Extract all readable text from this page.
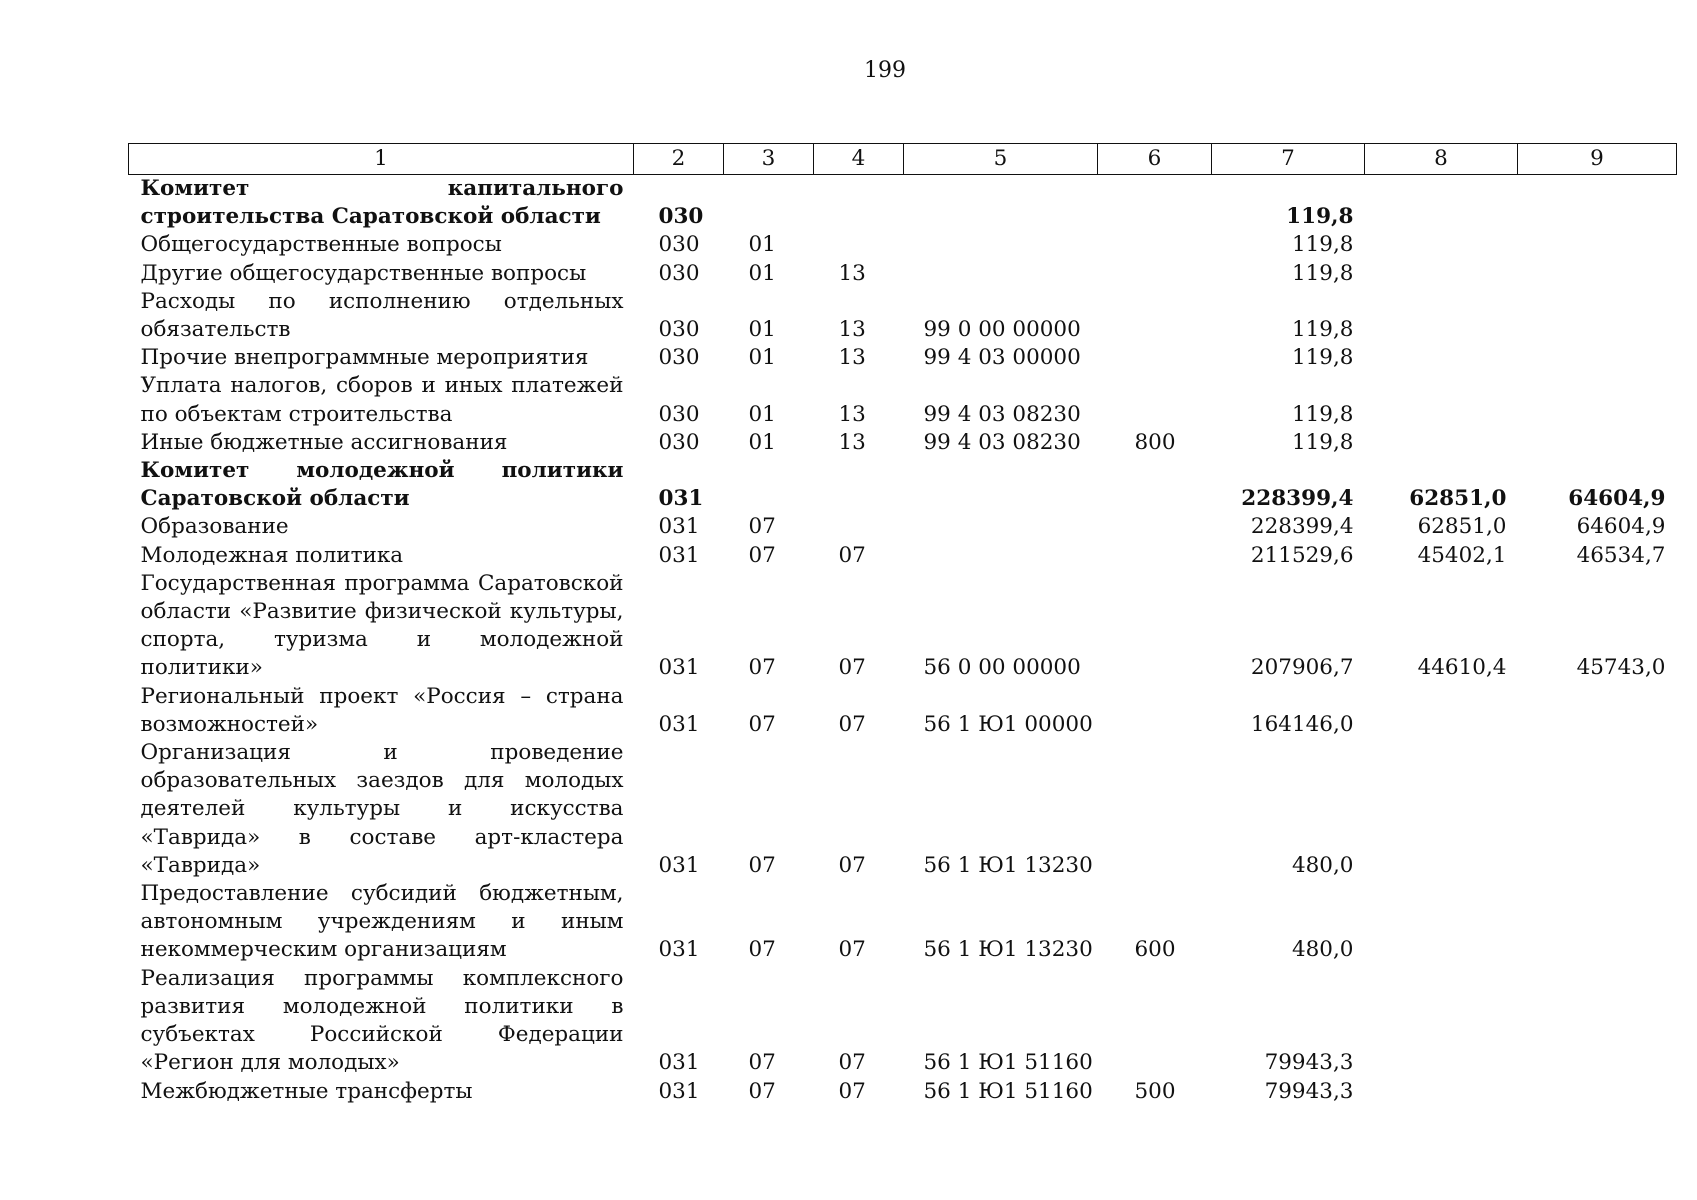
199
1	2	3	4	5	6	7	8	9
Комитет капитального строительства Саратовской области	030					119,8		
Общегосударственные вопросы	030	01				119,8		
Другие общегосударственные вопросы	030	01	13			119,8		
Расходы по исполнению отдельных обязательств	030	01	13	99 0 00 00000		119,8		
Прочие внепрограммные мероприятия	030	01	13	99 4 03 00000		119,8		
Уплата налогов, сборов и иных платежей по объектам строительства	030	01	13	99 4 03 08230		119,8		
Иные бюджетные ассигнования	030	01	13	99 4 03 08230	800	119,8		
Комитет молодежной политики Саратовской области	031					228399,4	62851,0	64604,9
Образование	031	07				228399,4	62851,0	64604,9
Молодежная политика	031	07	07			211529,6	45402,1	46534,7
Государственная программа Саратовской области «Развитие физической культуры, спорта, туризма и молодежной политики»	031	07	07	56 0 00 00000		207906,7	44610,4	45743,0
Региональный проект «Россия – страна возможностей»	031	07	07	56 1 Ю1 00000		164146,0		
Организация и проведение образовательных заездов для молодых деятелей культуры и искусства «Таврида» в составе арт-кластера «Таврида»	031	07	07	56 1 Ю1 13230		480,0		
Предоставление субсидий бюджетным, автономным учреждениям и иным некоммерческим организациям	031	07	07	56 1 Ю1 13230	600	480,0		
Реализация программы комплексного развития молодежной политики в субъектах Российской Федерации «Регион для молодых»	031	07	07	56 1 Ю1 51160		79943,3		
Межбюджетные трансферты	031	07	07	56 1 Ю1 51160	500	79943,3		
